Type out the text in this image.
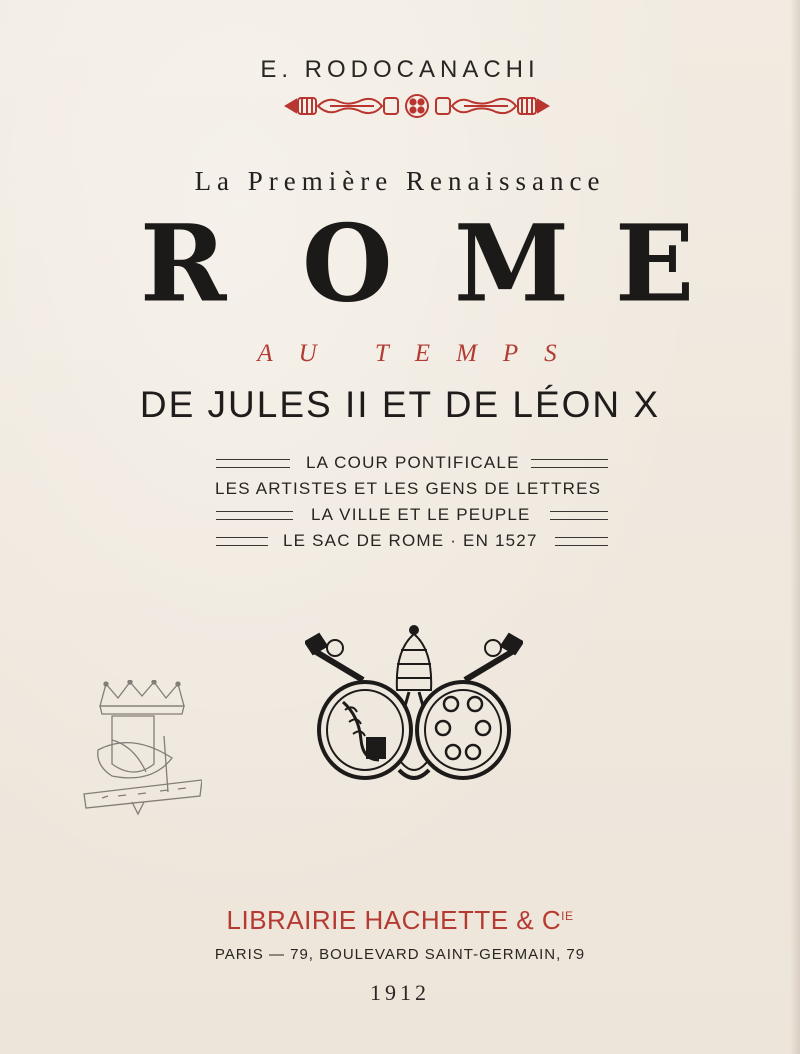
E. RODOCANACHI
La Première Renaissance
R O M E
AU TEMPS
DE JULES II ET DE LÉON X
LA COUR PONTIFICALE
LES ARTISTES ET LES GENS DE LETTRES
LA VILLE ET LE PEUPLE
LE SAC DE ROME · EN 1527
LIBRAIRIE HACHETTE & $C^{IE}$
PARIS — 79, BOULEVARD SAINT-GERMAIN, 79
1912
